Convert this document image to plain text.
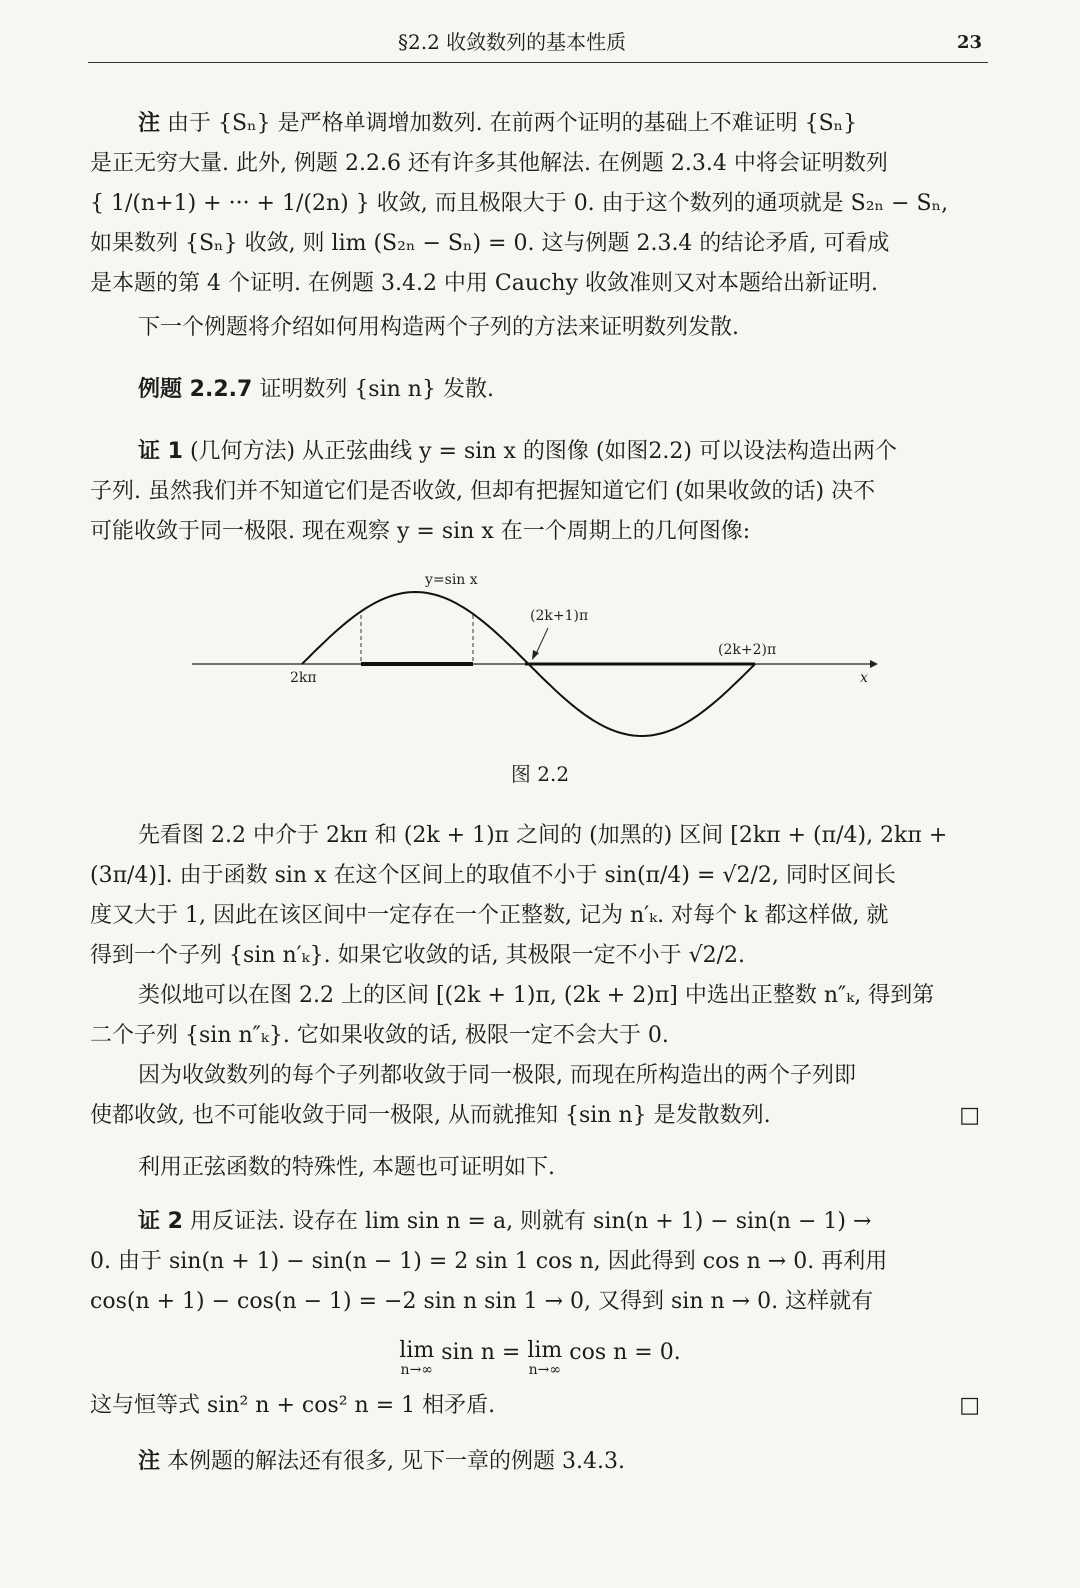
§2.2 收敛数列的基本性质	23
注 由于 {Sₙ} 是严格单调增加数列. 在前两个证明的基础上不难证明 {Sₙ}
是正无穷大量. 此外, 例题 2.2.6 还有许多其他解法. 在例题 2.3.4 中将会证明数列
{ 1/(n+1) + ··· + 1/(2n) } 收敛, 而且极限大于 0. 由于这个数列的通项就是 S₂ₙ − Sₙ,
如果数列 {Sₙ} 收敛, 则 lim (S₂ₙ − Sₙ) = 0. 这与例题 2.3.4 的结论矛盾, 可看成
是本题的第 4 个证明. 在例题 3.4.2 中用 Cauchy 收敛准则又对本题给出新证明.
下一个例题将介绍如何用构造两个子列的方法来证明数列发散.
例题 2.2.7 证明数列 {sin n} 发散.
证 1 (几何方法) 从正弦曲线 y = sin x 的图像 (如图2.2) 可以设法构造出两个
子列. 虽然我们并不知道它们是否收敛, 但却有把握知道它们 (如果收敛的话) 决不
可能收敛于同一极限. 现在观察 y = sin x 在一个周期上的几何图像:
y=sin x
2kπ
(2k+1)π
(2k+2)π
x
图 2.2
先看图 2.2 中介于 2kπ 和 (2k + 1)π 之间的 (加黑的) 区间 [2kπ + (π/4), 2kπ +
(3π/4)]. 由于函数 sin x 在这个区间上的取值不小于 sin(π/4) = √2/2, 同时区间长
度又大于 1, 因此在该区间中一定存在一个正整数, 记为 n′ₖ. 对每个 k 都这样做, 就
得到一个子列 {sin n′ₖ}. 如果它收敛的话, 其极限一定不小于 √2/2.
类似地可以在图 2.2 上的区间 [(2k + 1)π, (2k + 2)π] 中选出正整数 n″ₖ, 得到第
二个子列 {sin n″ₖ}. 它如果收敛的话, 极限一定不会大于 0.
因为收敛数列的每个子列都收敛于同一极限, 而现在所构造出的两个子列即
使都收敛, 也不可能收敛于同一极限, 从而就推知 {sin n} 是发散数列.	□
利用正弦函数的特殊性, 本题也可证明如下.
证 2 用反证法. 设存在 lim sin n = a, 则就有 sin(n + 1) − sin(n − 1) →
0. 由于 sin(n + 1) − sin(n − 1) = 2 sin 1 cos n, 因此得到 cos n → 0. 再利用
cos(n + 1) − cos(n − 1) = −2 sin n sin 1 → 0, 又得到 sin n → 0. 这样就有
lim
n→∞
sin n = lim
n→∞
cos n = 0.
这与恒等式 sin² n + cos² n = 1 相矛盾.	□
注 本例题的解法还有很多, 见下一章的例题 3.4.3.
